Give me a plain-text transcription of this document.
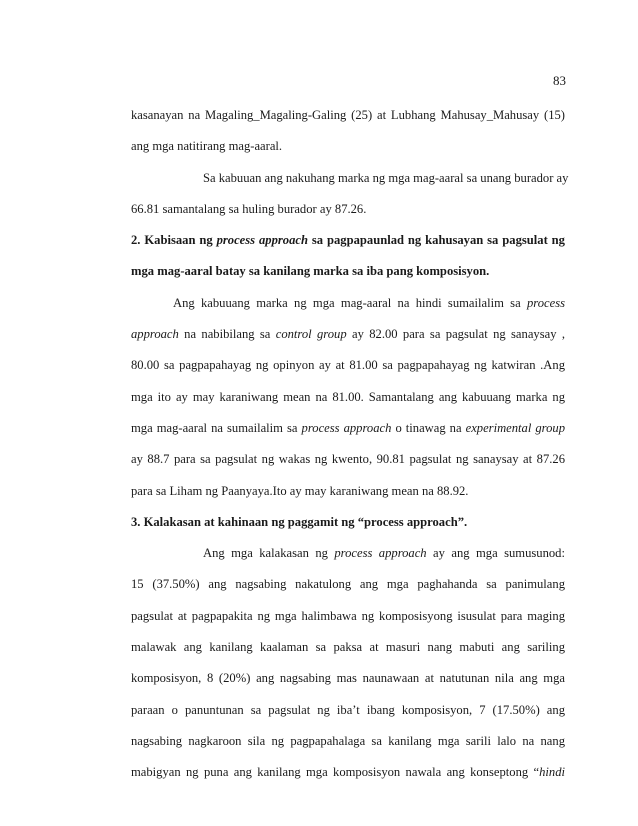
83
kasanayan na Magaling_Magaling-Galing (25) at Lubhang Mahusay_Mahusay (15)
ang mga natitirang mag-aaral.
Sa kabuuan ang nakuhang marka ng mga mag-aaral sa unang burador ay
66.81 samantalang sa huling burador ay 87.26.
2. Kabisaan ng process approach sa pagpapaunlad ng kahusayan sa pagsulat ng
mga mag-aaral batay sa kanilang marka sa iba pang komposisyon.
Ang kabuuang marka ng mga mag-aaral na hindi sumailalim sa process
approach na nabibilang sa control group ay 82.00 para sa pagsulat ng sanaysay ,
80.00 sa pagpapahayag ng opinyon ay at 81.00 sa pagpapahayag ng katwiran .Ang
mga ito ay may karaniwang mean na 81.00. Samantalang ang kabuuang marka ng
mga mag-aaral na sumailalim sa process approach o tinawag na experimental group
ay 88.7 para sa pagsulat ng wakas ng kwento, 90.81 pagsulat ng sanaysay at 87.26
para sa Liham ng Paanyaya.Ito ay may karaniwang mean na 88.92.
3. Kalakasan at kahinaan ng paggamit ng “process approach”.
Ang mga kalakasan ng process approach ay ang mga sumusunod:
15 (37.50%) ang nagsabing nakatulong ang mga paghahanda sa panimulang
pagsulat at pagpapakita ng mga halimbawa ng komposisyong isusulat para maging
malawak ang kanilang kaalaman sa paksa at masuri nang mabuti ang sariling
komposisyon, 8 (20%) ang nagsabing mas naunawaan at natutunan nila ang mga
paraan o panuntunan sa pagsulat ng iba’t ibang komposisyon, 7 (17.50%) ang
nagsabing nagkaroon sila ng pagpapahalaga sa kanilang mga sarili lalo na nang
mabigyan ng puna ang kanilang mga komposisyon nawala ang konseptong “hindi
